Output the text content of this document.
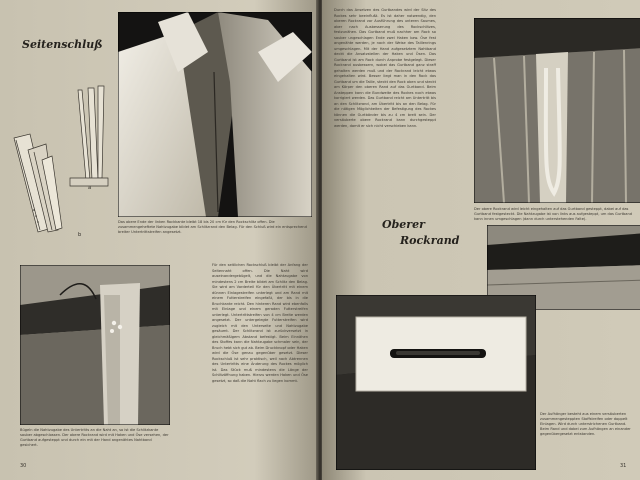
Seitenschluß
a
b
Das obere Ende der linken Rockkante bleibt 18 bis 20 cm für den Rockschlitz offen. Die zusammengeheftete Nahtzugabe bildet am Schlitzrand den Belag. Für den Schluß wird ein entsprechend breiter Untertrittstreifen angesetzt.
Bügeln die Nahtzugabe des Untertritts an die Naht an, so ist die Schlitzkante sauber abgeschlossen. Der obere Rockrand wird mit Haken und Öse versehen, der Gurtband aufgesteppt und durch ein mit der Hand angenähtes Nahtband gesichert.
Für den seitlichen Rockschluß bleibt der Anfang der Seitennaht offen. Die Naht wird auseinandergebügelt, und die Nahtzugabe von mindestens 2 cm Breite bildet am Schlitz den Belag. Sie wird am Vorderteil für den Übertritt mit einem dünnen Einlagestreifen unterlegt und am Rand mit einem Futterstreifen eingefaßt, der bis in die Bruchkante reicht. Den hinteren Rand wird ebenfalls mit Einlage und einem geraden Futterstreifen unterlegt. Untertrittstreifen von 4 cm Breite werden angesetzt. Der untergelegte Futterstreifen wird zugleich mit den Unterseite und Nahtzugabe gesäumt. Der Schlitzrand ist zurückversetzt in gleichmäßigem Abstand befestigt. Beim Einnähen des Stoffes kann die Nahtzugabe schmaler sein, der Bruch hebt sich gut ab. Beim Druckknopf oder Haken wird die Öse genau gegenüber gesetzt. Dieser Rockschluß ist sehr praktisch, weil nach Abtrennen des Untertritts eine Änderung des Rockes möglich ist. Das Stück muß mindestens die Länge der Schlitzöffnung haben. Hierzu werden Haken und Öse gesetzt, so daß die Naht flach zu liegen kommt.
30
Durch das Ansetzen des Gurtbandes wird der Sitz des Rockes sehr beeinflußt. Es ist daher notwendig, den oberen Rockrand vor Ausführung des unteren Saumes, aber nach Ausbesserung des Rockschlitzes, festzunähen. Das Gurtband muß nachher am Rock so sauber ungeschlagen Ende zwei Haken bzw. Öse fest angenähte werden, je nach der Weise des Taillenrings umgeschlagen. Mit der Hand aufgesetztem Nahtband deckt die Ansatzstellen der Haken und Ösen. Das Gurtband ist am Rock durch Anprobe festgelegt. Dieser Rockrand ausbessern, wobei das Gurtband ganz straff gehalten werden muß und der Rockrand leicht etwas eingehalten wird. Besser liegt man in den Rock das Gurtband um die Taille, steckt den Rock oben und steckt am Körper den oberen Rand auf das Gurtband. Beim Ansteppen kann die Bundweite des Rockes noch etwas korrigiert werden. Das Gurtband reicht am Untertritt bis an den Schlitzrand, am Übertritt bis an den Belag. Für die nötigen Möglichkeiten der Befestigung des Rockes können die Gurtbänder bis zu 4 cm breit sein. Der versäuberte obere Rockrand kann durchgesteppt werden, damit er sich nicht verschieben kann.
Der obere Rockrand wird leicht eingehalten auf das Gurtband gesteppt, dabei auf das Gurtband festgesteckt. Die Nahtzugabe ist von links aus aufgesteppt, um das Gurtband kann innen umgeschlagen (dann durch unterstehenden Falte).
Oberer
Rockrand
Der Aufhänger besteht aus einem versäuberten zusammengesteppten Stoffstreifen oder doppelt Einlagen. Wird durch unterstrichenen Gurtband. Beim Rand und dabei zum Aufhängen an einander gegenübergesetzt entstanden.
31
